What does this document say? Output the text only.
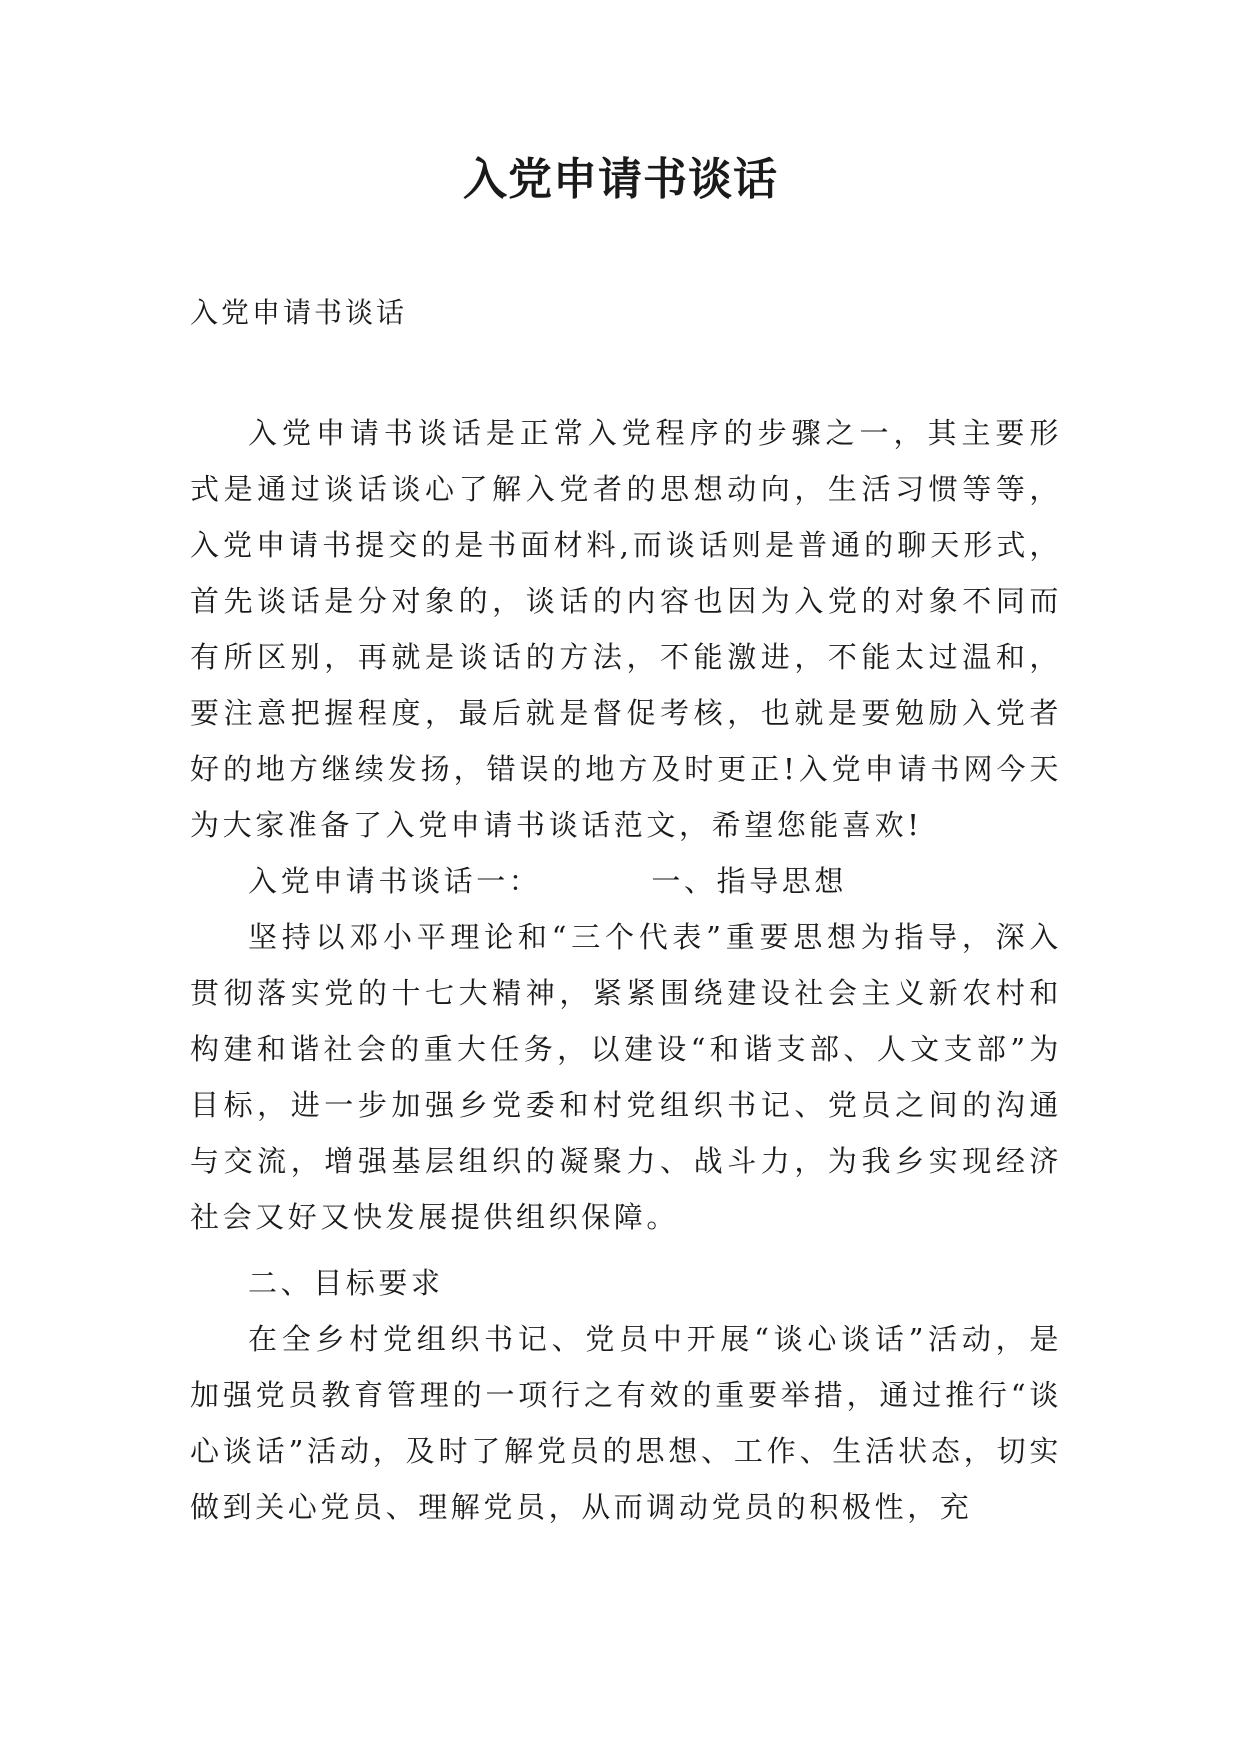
入党申请书谈话

入党申请书谈话

入党申请书谈话是正常入党程序的步骤之一，其主要形式是通过谈话谈心了解入党者的思想动向，生活习惯等等，入党申请书提交的是书面材料,而谈话则是普通的聊天形式，首先谈话是分对象的，谈话的内容也因为入党的对象不同而有所区别，再就是谈话的方法，不能激进，不能太过温和，要注意把握程度，最后就是督促考核，也就是要勉励入党者好的地方继续发扬，错误的地方及时更正!入党申请书网今天为大家准备了入党申请书谈话范文，希望您能喜欢!

入党申请书谈话一：	一、指导思想

坚持以邓小平理论和“三个代表”重要思想为指导，深入贯彻落实党的十七大精神，紧紧围绕建设社会主义新农村和构建和谐社会的重大任务，以建设“和谐支部、人文支部”为目标，进一步加强乡党委和村党组织书记、党员之间的沟通与交流，增强基层组织的凝聚力、战斗力，为我乡实现经济社会又好又快发展提供组织保障。

二、目标要求

在全乡村党组织书记、党员中开展“谈心谈话”活动，是加强党员教育管理的一项行之有效的重要举措，通过推行“谈心谈话”活动，及时了解党员的思想、工作、生活状态，切实做到关心党员、理解党员，从而调动党员的积极性，充
